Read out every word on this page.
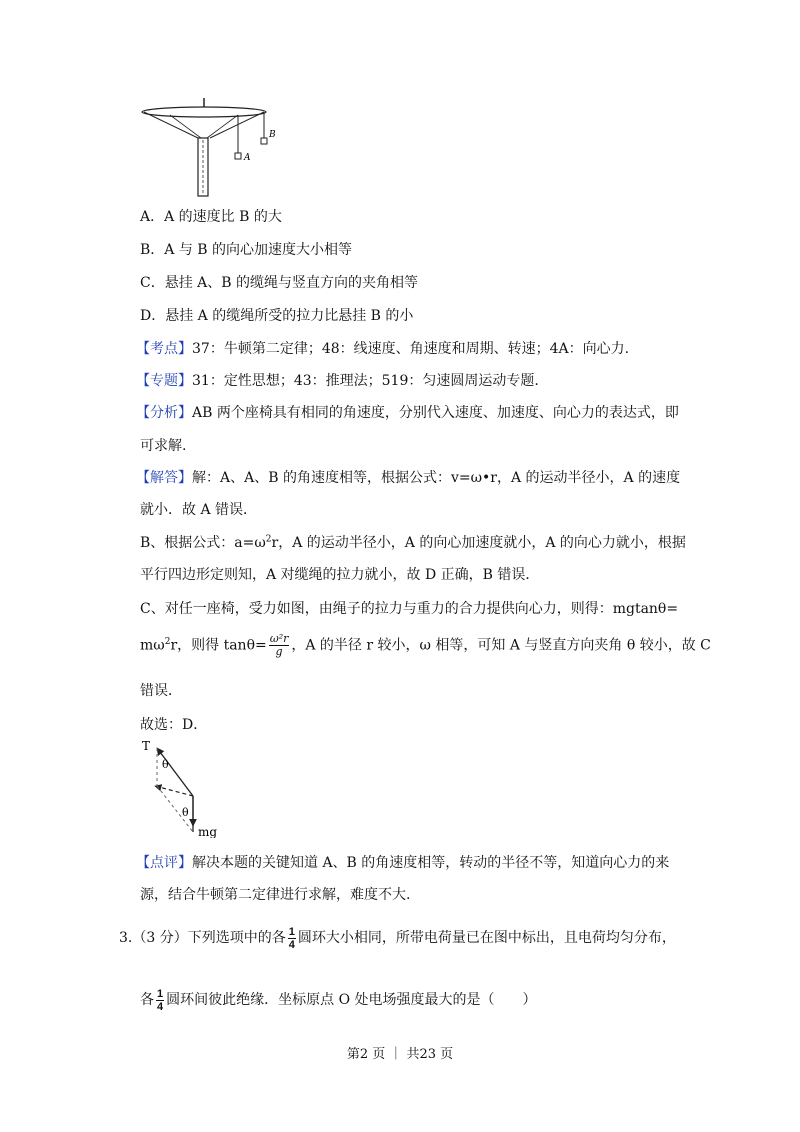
A
B
A．A 的速度比 B 的大
B．A 与 B 的向心加速度大小相等
C．悬挂 A、B 的缆绳与竖直方向的夹角相等
D．悬挂 A 的缆绳所受的拉力比悬挂 B 的小
【考点】37：牛顿第二定律；48：线速度、角速度和周期、转速；4A：向心力.
【专题】31：定性思想；43：推理法；519：匀速圆周运动专题.
【分析】AB 两个座椅具有相同的角速度，分别代入速度、加速度、向心力的表达式，即
可求解.
【解答】解：A、A、B 的角速度相等，根据公式：v=ω•r，A 的运动半径小，A 的速度
就小．故 A 错误．
B、根据公式：$a=\omega^2r$，A 的运动半径小，A 的向心加速度就小，A 的向心力就小，根据
平行四边形定则知，A 对缆绳的拉力就小，故 D 正确，B 错误．
C、对任一座椅，受力如图，由绳子的拉力与重力的合力提供向心力，则得：mgtanθ=
$m\omega^2r$，则得 $\tan\theta= \frac{\text{ω²r}}{g}$ ，A 的半径 r 较小，ω 相等，可知 A 与竖直方向夹角 θ 较小，故 C
错误．
故选：D．
T
θ
θ
mg
【点评】解决本题的关键知道 A、B 的角速度相等，转动的半径不等，知道向心力的来
源，结合牛顿第二定律进行求解，难度不大.
3.（3 分）下列选项中的各 $\frac{1}{4}$ 圆环大小相同，所带电荷量已在图中标出，且电荷均匀分布，
各 $\frac{1}{4}$ 圆环间彼此绝缘．坐标原点 O 处电场强度最大的是（　　）
第2 页 ｜ 共23 页
